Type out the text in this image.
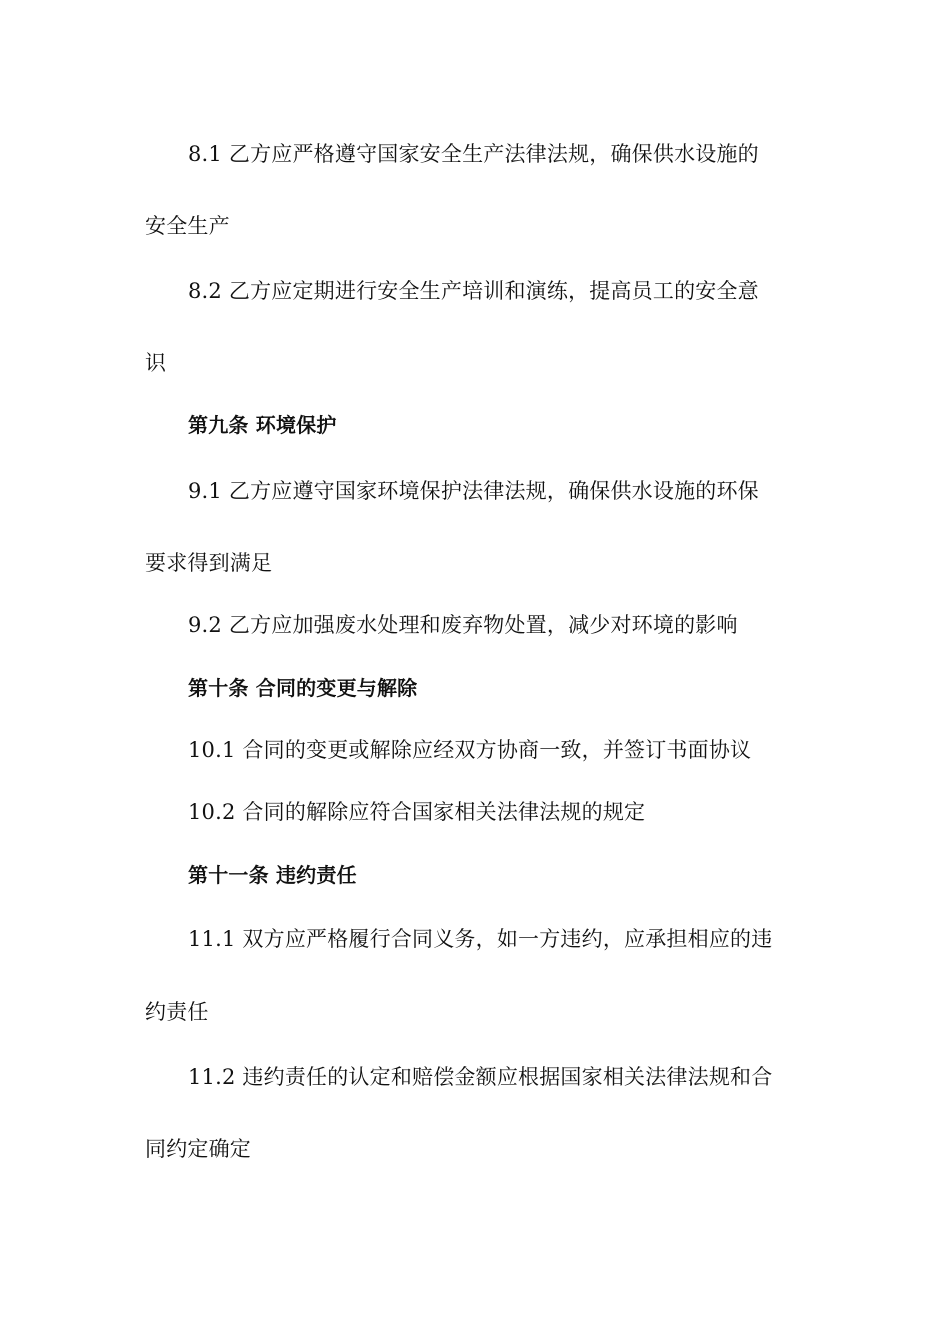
8.1 乙方应严格遵守国家安全生产法律法规，确保供水设施的
安全生产
8.2 乙方应定期进行安全生产培训和演练，提高员工的安全意
识
第九条 环境保护
9.1 乙方应遵守国家环境保护法律法规，确保供水设施的环保
要求得到满足
9.2 乙方应加强废水处理和废弃物处置，减少对环境的影响
第十条 合同的变更与解除
10.1 合同的变更或解除应经双方协商一致，并签订书面协议
10.2 合同的解除应符合国家相关法律法规的规定
第十一条 违约责任
11.1 双方应严格履行合同义务，如一方违约，应承担相应的违
约责任
11.2 违约责任的认定和赔偿金额应根据国家相关法律法规和合
同约定确定
